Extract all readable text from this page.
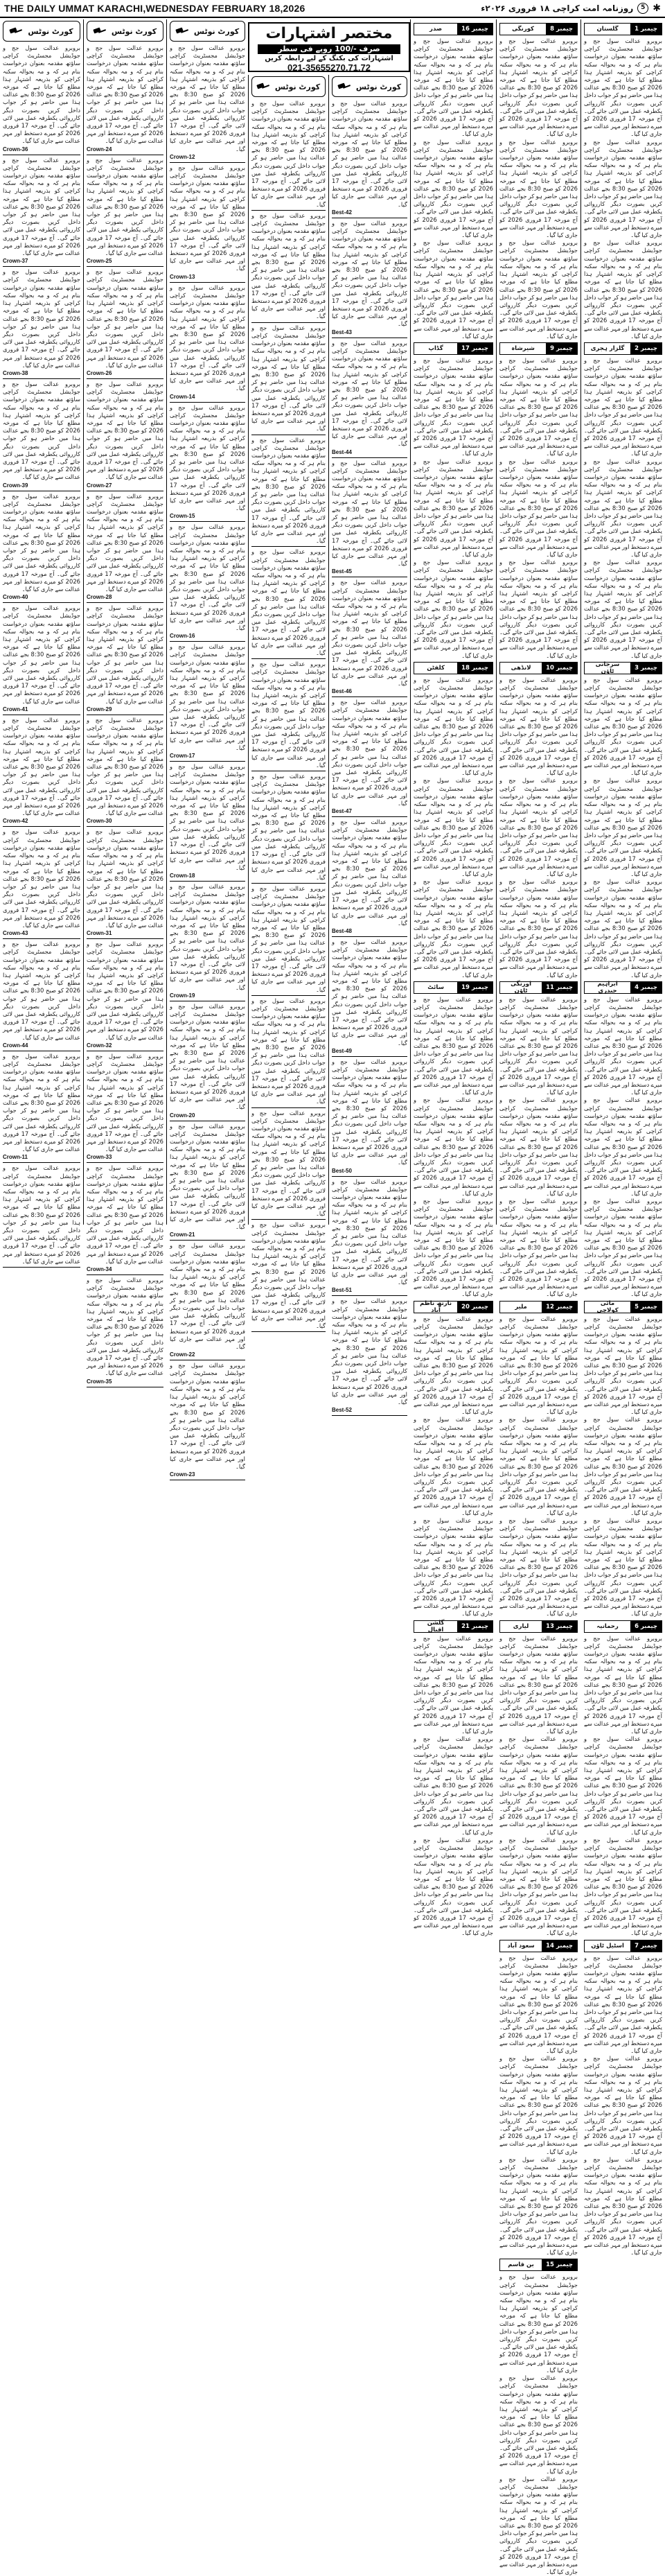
THE DAILY UMMAT KARACHI,WEDNESDAY FEBRUARY 18,2026	✱
5
روزنامہ امت کراچی ۱۸ فروری ۲۰۲۶ء
مختصر اشتہارات
صرف -/100 روپے فی سطر
اشتہارات کی بکنگ کے لیے رابطہ کریں
021-35655270,71,72
کورٹ نوٹس
بروبرو عدالت سول جج و جوڈیشل مجسٹریٹ کراچی ساؤتھ مقدمہ بعنوان درخواست بنام ہر کہ و مہ بحوالہ سکنہ کراچی کو بذریعہ اشتہار ہذا مطلع کیا جاتا ہے کہ مورخہ 2026 کو صبح 8:30 بجے عدالت ہذا میں حاضر ہو کر جواب داخل کریں بصورت دیگر کارروائی یکطرفہ عمل میں لائی جائے گی۔ آج مورخہ 17 فروری 2026 کو میرے دستخط اور مہر عدالت سے جاری کیا گیا۔
Crown-36
بروبرو عدالت سول جج و جوڈیشل مجسٹریٹ کراچی ساؤتھ مقدمہ بعنوان درخواست بنام ہر کہ و مہ بحوالہ سکنہ کراچی کو بذریعہ اشتہار ہذا مطلع کیا جاتا ہے کہ مورخہ 2026 کو صبح 8:30 بجے عدالت ہذا میں حاضر ہو کر جواب داخل کریں بصورت دیگر کارروائی یکطرفہ عمل میں لائی جائے گی۔ آج مورخہ 17 فروری 2026 کو میرے دستخط اور مہر عدالت سے جاری کیا گیا۔
Crown-37
بروبرو عدالت سول جج و جوڈیشل مجسٹریٹ کراچی ساؤتھ مقدمہ بعنوان درخواست بنام ہر کہ و مہ بحوالہ سکنہ کراچی کو بذریعہ اشتہار ہذا مطلع کیا جاتا ہے کہ مورخہ 2026 کو صبح 8:30 بجے عدالت ہذا میں حاضر ہو کر جواب داخل کریں بصورت دیگر کارروائی یکطرفہ عمل میں لائی جائے گی۔ آج مورخہ 17 فروری 2026 کو میرے دستخط اور مہر عدالت سے جاری کیا گیا۔
Crown-38
بروبرو عدالت سول جج و جوڈیشل مجسٹریٹ کراچی ساؤتھ مقدمہ بعنوان درخواست بنام ہر کہ و مہ بحوالہ سکنہ کراچی کو بذریعہ اشتہار ہذا مطلع کیا جاتا ہے کہ مورخہ 2026 کو صبح 8:30 بجے عدالت ہذا میں حاضر ہو کر جواب داخل کریں بصورت دیگر کارروائی یکطرفہ عمل میں لائی جائے گی۔ آج مورخہ 17 فروری 2026 کو میرے دستخط اور مہر عدالت سے جاری کیا گیا۔
Crown-39
بروبرو عدالت سول جج و جوڈیشل مجسٹریٹ کراچی ساؤتھ مقدمہ بعنوان درخواست بنام ہر کہ و مہ بحوالہ سکنہ کراچی کو بذریعہ اشتہار ہذا مطلع کیا جاتا ہے کہ مورخہ 2026 کو صبح 8:30 بجے عدالت ہذا میں حاضر ہو کر جواب داخل کریں بصورت دیگر کارروائی یکطرفہ عمل میں لائی جائے گی۔ آج مورخہ 17 فروری 2026 کو میرے دستخط اور مہر عدالت سے جاری کیا گیا۔
Crown-40
بروبرو عدالت سول جج و جوڈیشل مجسٹریٹ کراچی ساؤتھ مقدمہ بعنوان درخواست بنام ہر کہ و مہ بحوالہ سکنہ کراچی کو بذریعہ اشتہار ہذا مطلع کیا جاتا ہے کہ مورخہ 2026 کو صبح 8:30 بجے عدالت ہذا میں حاضر ہو کر جواب داخل کریں بصورت دیگر کارروائی یکطرفہ عمل میں لائی جائے گی۔ آج مورخہ 17 فروری 2026 کو میرے دستخط اور مہر عدالت سے جاری کیا گیا۔
Crown-41
بروبرو عدالت سول جج و جوڈیشل مجسٹریٹ کراچی ساؤتھ مقدمہ بعنوان درخواست بنام ہر کہ و مہ بحوالہ سکنہ کراچی کو بذریعہ اشتہار ہذا مطلع کیا جاتا ہے کہ مورخہ 2026 کو صبح 8:30 بجے عدالت ہذا میں حاضر ہو کر جواب داخل کریں بصورت دیگر کارروائی یکطرفہ عمل میں لائی جائے گی۔ آج مورخہ 17 فروری 2026 کو میرے دستخط اور مہر عدالت سے جاری کیا گیا۔
Crown-42
بروبرو عدالت سول جج و جوڈیشل مجسٹریٹ کراچی ساؤتھ مقدمہ بعنوان درخواست بنام ہر کہ و مہ بحوالہ سکنہ کراچی کو بذریعہ اشتہار ہذا مطلع کیا جاتا ہے کہ مورخہ 2026 کو صبح 8:30 بجے عدالت ہذا میں حاضر ہو کر جواب داخل کریں بصورت دیگر کارروائی یکطرفہ عمل میں لائی جائے گی۔ آج مورخہ 17 فروری 2026 کو میرے دستخط اور مہر عدالت سے جاری کیا گیا۔
Crown-43
بروبرو عدالت سول جج و جوڈیشل مجسٹریٹ کراچی ساؤتھ مقدمہ بعنوان درخواست بنام ہر کہ و مہ بحوالہ سکنہ کراچی کو بذریعہ اشتہار ہذا مطلع کیا جاتا ہے کہ مورخہ 2026 کو صبح 8:30 بجے عدالت ہذا میں حاضر ہو کر جواب داخل کریں بصورت دیگر کارروائی یکطرفہ عمل میں لائی جائے گی۔ آج مورخہ 17 فروری 2026 کو میرے دستخط اور مہر عدالت سے جاری کیا گیا۔
Crown-44
بروبرو عدالت سول جج و جوڈیشل مجسٹریٹ کراچی ساؤتھ مقدمہ بعنوان درخواست بنام ہر کہ و مہ بحوالہ سکنہ کراچی کو بذریعہ اشتہار ہذا مطلع کیا جاتا ہے کہ مورخہ 2026 کو صبح 8:30 بجے عدالت ہذا میں حاضر ہو کر جواب داخل کریں بصورت دیگر کارروائی یکطرفہ عمل میں لائی جائے گی۔ آج مورخہ 17 فروری 2026 کو میرے دستخط اور مہر عدالت سے جاری کیا گیا۔
Crown-11
بروبرو عدالت سول جج و جوڈیشل مجسٹریٹ کراچی ساؤتھ مقدمہ بعنوان درخواست بنام ہر کہ و مہ بحوالہ سکنہ کراچی کو بذریعہ اشتہار ہذا مطلع کیا جاتا ہے کہ مورخہ 2026 کو صبح 8:30 بجے عدالت ہذا میں حاضر ہو کر جواب داخل کریں بصورت دیگر کارروائی یکطرفہ عمل میں لائی جائے گی۔ آج مورخہ 17 فروری 2026 کو میرے دستخط اور مہر عدالت سے جاری کیا گیا۔
کورٹ نوٹس
بروبرو عدالت سول جج و جوڈیشل مجسٹریٹ کراچی ساؤتھ مقدمہ بعنوان درخواست بنام ہر کہ و مہ بحوالہ سکنہ کراچی کو بذریعہ اشتہار ہذا مطلع کیا جاتا ہے کہ مورخہ 2026 کو صبح 8:30 بجے عدالت ہذا میں حاضر ہو کر جواب داخل کریں بصورت دیگر کارروائی یکطرفہ عمل میں لائی جائے گی۔ آج مورخہ 17 فروری 2026 کو میرے دستخط اور مہر عدالت سے جاری کیا گیا۔
Crown-24
بروبرو عدالت سول جج و جوڈیشل مجسٹریٹ کراچی ساؤتھ مقدمہ بعنوان درخواست بنام ہر کہ و مہ بحوالہ سکنہ کراچی کو بذریعہ اشتہار ہذا مطلع کیا جاتا ہے کہ مورخہ 2026 کو صبح 8:30 بجے عدالت ہذا میں حاضر ہو کر جواب داخل کریں بصورت دیگر کارروائی یکطرفہ عمل میں لائی جائے گی۔ آج مورخہ 17 فروری 2026 کو میرے دستخط اور مہر عدالت سے جاری کیا گیا۔
Crown-25
بروبرو عدالت سول جج و جوڈیشل مجسٹریٹ کراچی ساؤتھ مقدمہ بعنوان درخواست بنام ہر کہ و مہ بحوالہ سکنہ کراچی کو بذریعہ اشتہار ہذا مطلع کیا جاتا ہے کہ مورخہ 2026 کو صبح 8:30 بجے عدالت ہذا میں حاضر ہو کر جواب داخل کریں بصورت دیگر کارروائی یکطرفہ عمل میں لائی جائے گی۔ آج مورخہ 17 فروری 2026 کو میرے دستخط اور مہر عدالت سے جاری کیا گیا۔
Crown-26
بروبرو عدالت سول جج و جوڈیشل مجسٹریٹ کراچی ساؤتھ مقدمہ بعنوان درخواست بنام ہر کہ و مہ بحوالہ سکنہ کراچی کو بذریعہ اشتہار ہذا مطلع کیا جاتا ہے کہ مورخہ 2026 کو صبح 8:30 بجے عدالت ہذا میں حاضر ہو کر جواب داخل کریں بصورت دیگر کارروائی یکطرفہ عمل میں لائی جائے گی۔ آج مورخہ 17 فروری 2026 کو میرے دستخط اور مہر عدالت سے جاری کیا گیا۔
Crown-27
بروبرو عدالت سول جج و جوڈیشل مجسٹریٹ کراچی ساؤتھ مقدمہ بعنوان درخواست بنام ہر کہ و مہ بحوالہ سکنہ کراچی کو بذریعہ اشتہار ہذا مطلع کیا جاتا ہے کہ مورخہ 2026 کو صبح 8:30 بجے عدالت ہذا میں حاضر ہو کر جواب داخل کریں بصورت دیگر کارروائی یکطرفہ عمل میں لائی جائے گی۔ آج مورخہ 17 فروری 2026 کو میرے دستخط اور مہر عدالت سے جاری کیا گیا۔
Crown-28
بروبرو عدالت سول جج و جوڈیشل مجسٹریٹ کراچی ساؤتھ مقدمہ بعنوان درخواست بنام ہر کہ و مہ بحوالہ سکنہ کراچی کو بذریعہ اشتہار ہذا مطلع کیا جاتا ہے کہ مورخہ 2026 کو صبح 8:30 بجے عدالت ہذا میں حاضر ہو کر جواب داخل کریں بصورت دیگر کارروائی یکطرفہ عمل میں لائی جائے گی۔ آج مورخہ 17 فروری 2026 کو میرے دستخط اور مہر عدالت سے جاری کیا گیا۔
Crown-29
بروبرو عدالت سول جج و جوڈیشل مجسٹریٹ کراچی ساؤتھ مقدمہ بعنوان درخواست بنام ہر کہ و مہ بحوالہ سکنہ کراچی کو بذریعہ اشتہار ہذا مطلع کیا جاتا ہے کہ مورخہ 2026 کو صبح 8:30 بجے عدالت ہذا میں حاضر ہو کر جواب داخل کریں بصورت دیگر کارروائی یکطرفہ عمل میں لائی جائے گی۔ آج مورخہ 17 فروری 2026 کو میرے دستخط اور مہر عدالت سے جاری کیا گیا۔
Crown-30
بروبرو عدالت سول جج و جوڈیشل مجسٹریٹ کراچی ساؤتھ مقدمہ بعنوان درخواست بنام ہر کہ و مہ بحوالہ سکنہ کراچی کو بذریعہ اشتہار ہذا مطلع کیا جاتا ہے کہ مورخہ 2026 کو صبح 8:30 بجے عدالت ہذا میں حاضر ہو کر جواب داخل کریں بصورت دیگر کارروائی یکطرفہ عمل میں لائی جائے گی۔ آج مورخہ 17 فروری 2026 کو میرے دستخط اور مہر عدالت سے جاری کیا گیا۔
Crown-31
بروبرو عدالت سول جج و جوڈیشل مجسٹریٹ کراچی ساؤتھ مقدمہ بعنوان درخواست بنام ہر کہ و مہ بحوالہ سکنہ کراچی کو بذریعہ اشتہار ہذا مطلع کیا جاتا ہے کہ مورخہ 2026 کو صبح 8:30 بجے عدالت ہذا میں حاضر ہو کر جواب داخل کریں بصورت دیگر کارروائی یکطرفہ عمل میں لائی جائے گی۔ آج مورخہ 17 فروری 2026 کو میرے دستخط اور مہر عدالت سے جاری کیا گیا۔
Crown-32
بروبرو عدالت سول جج و جوڈیشل مجسٹریٹ کراچی ساؤتھ مقدمہ بعنوان درخواست بنام ہر کہ و مہ بحوالہ سکنہ کراچی کو بذریعہ اشتہار ہذا مطلع کیا جاتا ہے کہ مورخہ 2026 کو صبح 8:30 بجے عدالت ہذا میں حاضر ہو کر جواب داخل کریں بصورت دیگر کارروائی یکطرفہ عمل میں لائی جائے گی۔ آج مورخہ 17 فروری 2026 کو میرے دستخط اور مہر عدالت سے جاری کیا گیا۔
Crown-33
بروبرو عدالت سول جج و جوڈیشل مجسٹریٹ کراچی ساؤتھ مقدمہ بعنوان درخواست بنام ہر کہ و مہ بحوالہ سکنہ کراچی کو بذریعہ اشتہار ہذا مطلع کیا جاتا ہے کہ مورخہ 2026 کو صبح 8:30 بجے عدالت ہذا میں حاضر ہو کر جواب داخل کریں بصورت دیگر کارروائی یکطرفہ عمل میں لائی جائے گی۔ آج مورخہ 17 فروری 2026 کو میرے دستخط اور مہر عدالت سے جاری کیا گیا۔
Crown-34
بروبرو عدالت سول جج و جوڈیشل مجسٹریٹ کراچی ساؤتھ مقدمہ بعنوان درخواست بنام ہر کہ و مہ بحوالہ سکنہ کراچی کو بذریعہ اشتہار ہذا مطلع کیا جاتا ہے کہ مورخہ 2026 کو صبح 8:30 بجے عدالت ہذا میں حاضر ہو کر جواب داخل کریں بصورت دیگر کارروائی یکطرفہ عمل میں لائی جائے گی۔ آج مورخہ 17 فروری 2026 کو میرے دستخط اور مہر عدالت سے جاری کیا گیا۔
Crown-35
کورٹ نوٹس
بروبرو عدالت سول جج و جوڈیشل مجسٹریٹ کراچی ساؤتھ مقدمہ بعنوان درخواست بنام ہر کہ و مہ بحوالہ سکنہ کراچی کو بذریعہ اشتہار ہذا مطلع کیا جاتا ہے کہ مورخہ 2026 کو صبح 8:30 بجے عدالت ہذا میں حاضر ہو کر جواب داخل کریں بصورت دیگر کارروائی یکطرفہ عمل میں لائی جائے گی۔ آج مورخہ 17 فروری 2026 کو میرے دستخط اور مہر عدالت سے جاری کیا گیا۔
Crown-12
بروبرو عدالت سول جج و جوڈیشل مجسٹریٹ کراچی ساؤتھ مقدمہ بعنوان درخواست بنام ہر کہ و مہ بحوالہ سکنہ کراچی کو بذریعہ اشتہار ہذا مطلع کیا جاتا ہے کہ مورخہ 2026 کو صبح 8:30 بجے عدالت ہذا میں حاضر ہو کر جواب داخل کریں بصورت دیگر کارروائی یکطرفہ عمل میں لائی جائے گی۔ آج مورخہ 17 فروری 2026 کو میرے دستخط اور مہر عدالت سے جاری کیا گیا۔
Crown-13
بروبرو عدالت سول جج و جوڈیشل مجسٹریٹ کراچی ساؤتھ مقدمہ بعنوان درخواست بنام ہر کہ و مہ بحوالہ سکنہ کراچی کو بذریعہ اشتہار ہذا مطلع کیا جاتا ہے کہ مورخہ 2026 کو صبح 8:30 بجے عدالت ہذا میں حاضر ہو کر جواب داخل کریں بصورت دیگر کارروائی یکطرفہ عمل میں لائی جائے گی۔ آج مورخہ 17 فروری 2026 کو میرے دستخط اور مہر عدالت سے جاری کیا گیا۔
Crown-14
بروبرو عدالت سول جج و جوڈیشل مجسٹریٹ کراچی ساؤتھ مقدمہ بعنوان درخواست بنام ہر کہ و مہ بحوالہ سکنہ کراچی کو بذریعہ اشتہار ہذا مطلع کیا جاتا ہے کہ مورخہ 2026 کو صبح 8:30 بجے عدالت ہذا میں حاضر ہو کر جواب داخل کریں بصورت دیگر کارروائی یکطرفہ عمل میں لائی جائے گی۔ آج مورخہ 17 فروری 2026 کو میرے دستخط اور مہر عدالت سے جاری کیا گیا۔
Crown-15
بروبرو عدالت سول جج و جوڈیشل مجسٹریٹ کراچی ساؤتھ مقدمہ بعنوان درخواست بنام ہر کہ و مہ بحوالہ سکنہ کراچی کو بذریعہ اشتہار ہذا مطلع کیا جاتا ہے کہ مورخہ 2026 کو صبح 8:30 بجے عدالت ہذا میں حاضر ہو کر جواب داخل کریں بصورت دیگر کارروائی یکطرفہ عمل میں لائی جائے گی۔ آج مورخہ 17 فروری 2026 کو میرے دستخط اور مہر عدالت سے جاری کیا گیا۔
Crown-16
بروبرو عدالت سول جج و جوڈیشل مجسٹریٹ کراچی ساؤتھ مقدمہ بعنوان درخواست بنام ہر کہ و مہ بحوالہ سکنہ کراچی کو بذریعہ اشتہار ہذا مطلع کیا جاتا ہے کہ مورخہ 2026 کو صبح 8:30 بجے عدالت ہذا میں حاضر ہو کر جواب داخل کریں بصورت دیگر کارروائی یکطرفہ عمل میں لائی جائے گی۔ آج مورخہ 17 فروری 2026 کو میرے دستخط اور مہر عدالت سے جاری کیا گیا۔
Crown-17
بروبرو عدالت سول جج و جوڈیشل مجسٹریٹ کراچی ساؤتھ مقدمہ بعنوان درخواست بنام ہر کہ و مہ بحوالہ سکنہ کراچی کو بذریعہ اشتہار ہذا مطلع کیا جاتا ہے کہ مورخہ 2026 کو صبح 8:30 بجے عدالت ہذا میں حاضر ہو کر جواب داخل کریں بصورت دیگر کارروائی یکطرفہ عمل میں لائی جائے گی۔ آج مورخہ 17 فروری 2026 کو میرے دستخط اور مہر عدالت سے جاری کیا گیا۔
Crown-18
بروبرو عدالت سول جج و جوڈیشل مجسٹریٹ کراچی ساؤتھ مقدمہ بعنوان درخواست بنام ہر کہ و مہ بحوالہ سکنہ کراچی کو بذریعہ اشتہار ہذا مطلع کیا جاتا ہے کہ مورخہ 2026 کو صبح 8:30 بجے عدالت ہذا میں حاضر ہو کر جواب داخل کریں بصورت دیگر کارروائی یکطرفہ عمل میں لائی جائے گی۔ آج مورخہ 17 فروری 2026 کو میرے دستخط اور مہر عدالت سے جاری کیا گیا۔
Crown-19
بروبرو عدالت سول جج و جوڈیشل مجسٹریٹ کراچی ساؤتھ مقدمہ بعنوان درخواست بنام ہر کہ و مہ بحوالہ سکنہ کراچی کو بذریعہ اشتہار ہذا مطلع کیا جاتا ہے کہ مورخہ 2026 کو صبح 8:30 بجے عدالت ہذا میں حاضر ہو کر جواب داخل کریں بصورت دیگر کارروائی یکطرفہ عمل میں لائی جائے گی۔ آج مورخہ 17 فروری 2026 کو میرے دستخط اور مہر عدالت سے جاری کیا گیا۔
Crown-20
بروبرو عدالت سول جج و جوڈیشل مجسٹریٹ کراچی ساؤتھ مقدمہ بعنوان درخواست بنام ہر کہ و مہ بحوالہ سکنہ کراچی کو بذریعہ اشتہار ہذا مطلع کیا جاتا ہے کہ مورخہ 2026 کو صبح 8:30 بجے عدالت ہذا میں حاضر ہو کر جواب داخل کریں بصورت دیگر کارروائی یکطرفہ عمل میں لائی جائے گی۔ آج مورخہ 17 فروری 2026 کو میرے دستخط اور مہر عدالت سے جاری کیا گیا۔
Crown-21
بروبرو عدالت سول جج و جوڈیشل مجسٹریٹ کراچی ساؤتھ مقدمہ بعنوان درخواست بنام ہر کہ و مہ بحوالہ سکنہ کراچی کو بذریعہ اشتہار ہذا مطلع کیا جاتا ہے کہ مورخہ 2026 کو صبح 8:30 بجے عدالت ہذا میں حاضر ہو کر جواب داخل کریں بصورت دیگر کارروائی یکطرفہ عمل میں لائی جائے گی۔ آج مورخہ 17 فروری 2026 کو میرے دستخط اور مہر عدالت سے جاری کیا گیا۔
Crown-22
بروبرو عدالت سول جج و جوڈیشل مجسٹریٹ کراچی ساؤتھ مقدمہ بعنوان درخواست بنام ہر کہ و مہ بحوالہ سکنہ کراچی کو بذریعہ اشتہار ہذا مطلع کیا جاتا ہے کہ مورخہ 2026 کو صبح 8:30 بجے عدالت ہذا میں حاضر ہو کر جواب داخل کریں بصورت دیگر کارروائی یکطرفہ عمل میں لائی جائے گی۔ آج مورخہ 17 فروری 2026 کو میرے دستخط اور مہر عدالت سے جاری کیا گیا۔
Crown-23
کورٹ نوٹس
بروبرو عدالت سول جج و جوڈیشل مجسٹریٹ کراچی ساؤتھ مقدمہ بعنوان درخواست بنام ہر کہ و مہ بحوالہ سکنہ کراچی کو بذریعہ اشتہار ہذا مطلع کیا جاتا ہے کہ مورخہ 2026 کو صبح 8:30 بجے عدالت ہذا میں حاضر ہو کر جواب داخل کریں بصورت دیگر کارروائی یکطرفہ عمل میں لائی جائے گی۔ آج مورخہ 17 فروری 2026 کو میرے دستخط اور مہر عدالت سے جاری کیا گیا۔
بروبرو عدالت سول جج و جوڈیشل مجسٹریٹ کراچی ساؤتھ مقدمہ بعنوان درخواست بنام ہر کہ و مہ بحوالہ سکنہ کراچی کو بذریعہ اشتہار ہذا مطلع کیا جاتا ہے کہ مورخہ 2026 کو صبح 8:30 بجے عدالت ہذا میں حاضر ہو کر جواب داخل کریں بصورت دیگر کارروائی یکطرفہ عمل میں لائی جائے گی۔ آج مورخہ 17 فروری 2026 کو میرے دستخط اور مہر عدالت سے جاری کیا گیا۔
بروبرو عدالت سول جج و جوڈیشل مجسٹریٹ کراچی ساؤتھ مقدمہ بعنوان درخواست بنام ہر کہ و مہ بحوالہ سکنہ کراچی کو بذریعہ اشتہار ہذا مطلع کیا جاتا ہے کہ مورخہ 2026 کو صبح 8:30 بجے عدالت ہذا میں حاضر ہو کر جواب داخل کریں بصورت دیگر کارروائی یکطرفہ عمل میں لائی جائے گی۔ آج مورخہ 17 فروری 2026 کو میرے دستخط اور مہر عدالت سے جاری کیا گیا۔
بروبرو عدالت سول جج و جوڈیشل مجسٹریٹ کراچی ساؤتھ مقدمہ بعنوان درخواست بنام ہر کہ و مہ بحوالہ سکنہ کراچی کو بذریعہ اشتہار ہذا مطلع کیا جاتا ہے کہ مورخہ 2026 کو صبح 8:30 بجے عدالت ہذا میں حاضر ہو کر جواب داخل کریں بصورت دیگر کارروائی یکطرفہ عمل میں لائی جائے گی۔ آج مورخہ 17 فروری 2026 کو میرے دستخط اور مہر عدالت سے جاری کیا گیا۔
بروبرو عدالت سول جج و جوڈیشل مجسٹریٹ کراچی ساؤتھ مقدمہ بعنوان درخواست بنام ہر کہ و مہ بحوالہ سکنہ کراچی کو بذریعہ اشتہار ہذا مطلع کیا جاتا ہے کہ مورخہ 2026 کو صبح 8:30 بجے عدالت ہذا میں حاضر ہو کر جواب داخل کریں بصورت دیگر کارروائی یکطرفہ عمل میں لائی جائے گی۔ آج مورخہ 17 فروری 2026 کو میرے دستخط اور مہر عدالت سے جاری کیا گیا۔
بروبرو عدالت سول جج و جوڈیشل مجسٹریٹ کراچی ساؤتھ مقدمہ بعنوان درخواست بنام ہر کہ و مہ بحوالہ سکنہ کراچی کو بذریعہ اشتہار ہذا مطلع کیا جاتا ہے کہ مورخہ 2026 کو صبح 8:30 بجے عدالت ہذا میں حاضر ہو کر جواب داخل کریں بصورت دیگر کارروائی یکطرفہ عمل میں لائی جائے گی۔ آج مورخہ 17 فروری 2026 کو میرے دستخط اور مہر عدالت سے جاری کیا گیا۔
بروبرو عدالت سول جج و جوڈیشل مجسٹریٹ کراچی ساؤتھ مقدمہ بعنوان درخواست بنام ہر کہ و مہ بحوالہ سکنہ کراچی کو بذریعہ اشتہار ہذا مطلع کیا جاتا ہے کہ مورخہ 2026 کو صبح 8:30 بجے عدالت ہذا میں حاضر ہو کر جواب داخل کریں بصورت دیگر کارروائی یکطرفہ عمل میں لائی جائے گی۔ آج مورخہ 17 فروری 2026 کو میرے دستخط اور مہر عدالت سے جاری کیا گیا۔
بروبرو عدالت سول جج و جوڈیشل مجسٹریٹ کراچی ساؤتھ مقدمہ بعنوان درخواست بنام ہر کہ و مہ بحوالہ سکنہ کراچی کو بذریعہ اشتہار ہذا مطلع کیا جاتا ہے کہ مورخہ 2026 کو صبح 8:30 بجے عدالت ہذا میں حاضر ہو کر جواب داخل کریں بصورت دیگر کارروائی یکطرفہ عمل میں لائی جائے گی۔ آج مورخہ 17 فروری 2026 کو میرے دستخط اور مہر عدالت سے جاری کیا گیا۔
بروبرو عدالت سول جج و جوڈیشل مجسٹریٹ کراچی ساؤتھ مقدمہ بعنوان درخواست بنام ہر کہ و مہ بحوالہ سکنہ کراچی کو بذریعہ اشتہار ہذا مطلع کیا جاتا ہے کہ مورخہ 2026 کو صبح 8:30 بجے عدالت ہذا میں حاضر ہو کر جواب داخل کریں بصورت دیگر کارروائی یکطرفہ عمل میں لائی جائے گی۔ آج مورخہ 17 فروری 2026 کو میرے دستخط اور مہر عدالت سے جاری کیا گیا۔
بروبرو عدالت سول جج و جوڈیشل مجسٹریٹ کراچی ساؤتھ مقدمہ بعنوان درخواست بنام ہر کہ و مہ بحوالہ سکنہ کراچی کو بذریعہ اشتہار ہذا مطلع کیا جاتا ہے کہ مورخہ 2026 کو صبح 8:30 بجے عدالت ہذا میں حاضر ہو کر جواب داخل کریں بصورت دیگر کارروائی یکطرفہ عمل میں لائی جائے گی۔ آج مورخہ 17 فروری 2026 کو میرے دستخط اور مہر عدالت سے جاری کیا گیا۔
بروبرو عدالت سول جج و جوڈیشل مجسٹریٹ کراچی ساؤتھ مقدمہ بعنوان درخواست بنام ہر کہ و مہ بحوالہ سکنہ کراچی کو بذریعہ اشتہار ہذا مطلع کیا جاتا ہے کہ مورخہ 2026 کو صبح 8:30 بجے عدالت ہذا میں حاضر ہو کر جواب داخل کریں بصورت دیگر کارروائی یکطرفہ عمل میں لائی جائے گی۔ آج مورخہ 17 فروری 2026 کو میرے دستخط اور مہر عدالت سے جاری کیا گیا۔
کورٹ نوٹس
بروبرو عدالت سول جج و جوڈیشل مجسٹریٹ کراچی ساؤتھ مقدمہ بعنوان درخواست بنام ہر کہ و مہ بحوالہ سکنہ کراچی کو بذریعہ اشتہار ہذا مطلع کیا جاتا ہے کہ مورخہ 2026 کو صبح 8:30 بجے عدالت ہذا میں حاضر ہو کر جواب داخل کریں بصورت دیگر کارروائی یکطرفہ عمل میں لائی جائے گی۔ آج مورخہ 17 فروری 2026 کو میرے دستخط اور مہر عدالت سے جاری کیا گیا۔
Best-42
بروبرو عدالت سول جج و جوڈیشل مجسٹریٹ کراچی ساؤتھ مقدمہ بعنوان درخواست بنام ہر کہ و مہ بحوالہ سکنہ کراچی کو بذریعہ اشتہار ہذا مطلع کیا جاتا ہے کہ مورخہ 2026 کو صبح 8:30 بجے عدالت ہذا میں حاضر ہو کر جواب داخل کریں بصورت دیگر کارروائی یکطرفہ عمل میں لائی جائے گی۔ آج مورخہ 17 فروری 2026 کو میرے دستخط اور مہر عدالت سے جاری کیا گیا۔
Best-43
بروبرو عدالت سول جج و جوڈیشل مجسٹریٹ کراچی ساؤتھ مقدمہ بعنوان درخواست بنام ہر کہ و مہ بحوالہ سکنہ کراچی کو بذریعہ اشتہار ہذا مطلع کیا جاتا ہے کہ مورخہ 2026 کو صبح 8:30 بجے عدالت ہذا میں حاضر ہو کر جواب داخل کریں بصورت دیگر کارروائی یکطرفہ عمل میں لائی جائے گی۔ آج مورخہ 17 فروری 2026 کو میرے دستخط اور مہر عدالت سے جاری کیا گیا۔
Best-44
بروبرو عدالت سول جج و جوڈیشل مجسٹریٹ کراچی ساؤتھ مقدمہ بعنوان درخواست بنام ہر کہ و مہ بحوالہ سکنہ کراچی کو بذریعہ اشتہار ہذا مطلع کیا جاتا ہے کہ مورخہ 2026 کو صبح 8:30 بجے عدالت ہذا میں حاضر ہو کر جواب داخل کریں بصورت دیگر کارروائی یکطرفہ عمل میں لائی جائے گی۔ آج مورخہ 17 فروری 2026 کو میرے دستخط اور مہر عدالت سے جاری کیا گیا۔
Best-45
بروبرو عدالت سول جج و جوڈیشل مجسٹریٹ کراچی ساؤتھ مقدمہ بعنوان درخواست بنام ہر کہ و مہ بحوالہ سکنہ کراچی کو بذریعہ اشتہار ہذا مطلع کیا جاتا ہے کہ مورخہ 2026 کو صبح 8:30 بجے عدالت ہذا میں حاضر ہو کر جواب داخل کریں بصورت دیگر کارروائی یکطرفہ عمل میں لائی جائے گی۔ آج مورخہ 17 فروری 2026 کو میرے دستخط اور مہر عدالت سے جاری کیا گیا۔
Best-46
بروبرو عدالت سول جج و جوڈیشل مجسٹریٹ کراچی ساؤتھ مقدمہ بعنوان درخواست بنام ہر کہ و مہ بحوالہ سکنہ کراچی کو بذریعہ اشتہار ہذا مطلع کیا جاتا ہے کہ مورخہ 2026 کو صبح 8:30 بجے عدالت ہذا میں حاضر ہو کر جواب داخل کریں بصورت دیگر کارروائی یکطرفہ عمل میں لائی جائے گی۔ آج مورخہ 17 فروری 2026 کو میرے دستخط اور مہر عدالت سے جاری کیا گیا۔
Best-47
بروبرو عدالت سول جج و جوڈیشل مجسٹریٹ کراچی ساؤتھ مقدمہ بعنوان درخواست بنام ہر کہ و مہ بحوالہ سکنہ کراچی کو بذریعہ اشتہار ہذا مطلع کیا جاتا ہے کہ مورخہ 2026 کو صبح 8:30 بجے عدالت ہذا میں حاضر ہو کر جواب داخل کریں بصورت دیگر کارروائی یکطرفہ عمل میں لائی جائے گی۔ آج مورخہ 17 فروری 2026 کو میرے دستخط اور مہر عدالت سے جاری کیا گیا۔
Best-48
بروبرو عدالت سول جج و جوڈیشل مجسٹریٹ کراچی ساؤتھ مقدمہ بعنوان درخواست بنام ہر کہ و مہ بحوالہ سکنہ کراچی کو بذریعہ اشتہار ہذا مطلع کیا جاتا ہے کہ مورخہ 2026 کو صبح 8:30 بجے عدالت ہذا میں حاضر ہو کر جواب داخل کریں بصورت دیگر کارروائی یکطرفہ عمل میں لائی جائے گی۔ آج مورخہ 17 فروری 2026 کو میرے دستخط اور مہر عدالت سے جاری کیا گیا۔
Best-49
بروبرو عدالت سول جج و جوڈیشل مجسٹریٹ کراچی ساؤتھ مقدمہ بعنوان درخواست بنام ہر کہ و مہ بحوالہ سکنہ کراچی کو بذریعہ اشتہار ہذا مطلع کیا جاتا ہے کہ مورخہ 2026 کو صبح 8:30 بجے عدالت ہذا میں حاضر ہو کر جواب داخل کریں بصورت دیگر کارروائی یکطرفہ عمل میں لائی جائے گی۔ آج مورخہ 17 فروری 2026 کو میرے دستخط اور مہر عدالت سے جاری کیا گیا۔
Best-50
بروبرو عدالت سول جج و جوڈیشل مجسٹریٹ کراچی ساؤتھ مقدمہ بعنوان درخواست بنام ہر کہ و مہ بحوالہ سکنہ کراچی کو بذریعہ اشتہار ہذا مطلع کیا جاتا ہے کہ مورخہ 2026 کو صبح 8:30 بجے عدالت ہذا میں حاضر ہو کر جواب داخل کریں بصورت دیگر کارروائی یکطرفہ عمل میں لائی جائے گی۔ آج مورخہ 17 فروری 2026 کو میرے دستخط اور مہر عدالت سے جاری کیا گیا۔
Best-51
بروبرو عدالت سول جج و جوڈیشل مجسٹریٹ کراچی ساؤتھ مقدمہ بعنوان درخواست بنام ہر کہ و مہ بحوالہ سکنہ کراچی کو بذریعہ اشتہار ہذا مطلع کیا جاتا ہے کہ مورخہ 2026 کو صبح 8:30 بجے عدالت ہذا میں حاضر ہو کر جواب داخل کریں بصورت دیگر کارروائی یکطرفہ عمل میں لائی جائے گی۔ آج مورخہ 17 فروری 2026 کو میرے دستخط اور مہر عدالت سے جاری کیا گیا۔
Best-52
چیمبر 16
صدر
بروبرو عدالت سول جج و جوڈیشل مجسٹریٹ کراچی ساؤتھ مقدمہ بعنوان درخواست بنام ہر کہ و مہ بحوالہ سکنہ کراچی کو بذریعہ اشتہار ہذا مطلع کیا جاتا ہے کہ مورخہ 2026 کو صبح 8:30 بجے عدالت ہذا میں حاضر ہو کر جواب داخل کریں بصورت دیگر کارروائی یکطرفہ عمل میں لائی جائے گی۔ آج مورخہ 17 فروری 2026 کو میرے دستخط اور مہر عدالت سے جاری کیا گیا۔
بروبرو عدالت سول جج و جوڈیشل مجسٹریٹ کراچی ساؤتھ مقدمہ بعنوان درخواست بنام ہر کہ و مہ بحوالہ سکنہ کراچی کو بذریعہ اشتہار ہذا مطلع کیا جاتا ہے کہ مورخہ 2026 کو صبح 8:30 بجے عدالت ہذا میں حاضر ہو کر جواب داخل کریں بصورت دیگر کارروائی یکطرفہ عمل میں لائی جائے گی۔ آج مورخہ 17 فروری 2026 کو میرے دستخط اور مہر عدالت سے جاری کیا گیا۔
بروبرو عدالت سول جج و جوڈیشل مجسٹریٹ کراچی ساؤتھ مقدمہ بعنوان درخواست بنام ہر کہ و مہ بحوالہ سکنہ کراچی کو بذریعہ اشتہار ہذا مطلع کیا جاتا ہے کہ مورخہ 2026 کو صبح 8:30 بجے عدالت ہذا میں حاضر ہو کر جواب داخل کریں بصورت دیگر کارروائی یکطرفہ عمل میں لائی جائے گی۔ آج مورخہ 17 فروری 2026 کو میرے دستخط اور مہر عدالت سے جاری کیا گیا۔
چیمبر 17
گڈاپ
بروبرو عدالت سول جج و جوڈیشل مجسٹریٹ کراچی ساؤتھ مقدمہ بعنوان درخواست بنام ہر کہ و مہ بحوالہ سکنہ کراچی کو بذریعہ اشتہار ہذا مطلع کیا جاتا ہے کہ مورخہ 2026 کو صبح 8:30 بجے عدالت ہذا میں حاضر ہو کر جواب داخل کریں بصورت دیگر کارروائی یکطرفہ عمل میں لائی جائے گی۔ آج مورخہ 17 فروری 2026 کو میرے دستخط اور مہر عدالت سے جاری کیا گیا۔
بروبرو عدالت سول جج و جوڈیشل مجسٹریٹ کراچی ساؤتھ مقدمہ بعنوان درخواست بنام ہر کہ و مہ بحوالہ سکنہ کراچی کو بذریعہ اشتہار ہذا مطلع کیا جاتا ہے کہ مورخہ 2026 کو صبح 8:30 بجے عدالت ہذا میں حاضر ہو کر جواب داخل کریں بصورت دیگر کارروائی یکطرفہ عمل میں لائی جائے گی۔ آج مورخہ 17 فروری 2026 کو میرے دستخط اور مہر عدالت سے جاری کیا گیا۔
بروبرو عدالت سول جج و جوڈیشل مجسٹریٹ کراچی ساؤتھ مقدمہ بعنوان درخواست بنام ہر کہ و مہ بحوالہ سکنہ کراچی کو بذریعہ اشتہار ہذا مطلع کیا جاتا ہے کہ مورخہ 2026 کو صبح 8:30 بجے عدالت ہذا میں حاضر ہو کر جواب داخل کریں بصورت دیگر کارروائی یکطرفہ عمل میں لائی جائے گی۔ آج مورخہ 17 فروری 2026 کو میرے دستخط اور مہر عدالت سے جاری کیا گیا۔
چیمبر 18
کلفٹن
بروبرو عدالت سول جج و جوڈیشل مجسٹریٹ کراچی ساؤتھ مقدمہ بعنوان درخواست بنام ہر کہ و مہ بحوالہ سکنہ کراچی کو بذریعہ اشتہار ہذا مطلع کیا جاتا ہے کہ مورخہ 2026 کو صبح 8:30 بجے عدالت ہذا میں حاضر ہو کر جواب داخل کریں بصورت دیگر کارروائی یکطرفہ عمل میں لائی جائے گی۔ آج مورخہ 17 فروری 2026 کو میرے دستخط اور مہر عدالت سے جاری کیا گیا۔
بروبرو عدالت سول جج و جوڈیشل مجسٹریٹ کراچی ساؤتھ مقدمہ بعنوان درخواست بنام ہر کہ و مہ بحوالہ سکنہ کراچی کو بذریعہ اشتہار ہذا مطلع کیا جاتا ہے کہ مورخہ 2026 کو صبح 8:30 بجے عدالت ہذا میں حاضر ہو کر جواب داخل کریں بصورت دیگر کارروائی یکطرفہ عمل میں لائی جائے گی۔ آج مورخہ 17 فروری 2026 کو میرے دستخط اور مہر عدالت سے جاری کیا گیا۔
بروبرو عدالت سول جج و جوڈیشل مجسٹریٹ کراچی ساؤتھ مقدمہ بعنوان درخواست بنام ہر کہ و مہ بحوالہ سکنہ کراچی کو بذریعہ اشتہار ہذا مطلع کیا جاتا ہے کہ مورخہ 2026 کو صبح 8:30 بجے عدالت ہذا میں حاضر ہو کر جواب داخل کریں بصورت دیگر کارروائی یکطرفہ عمل میں لائی جائے گی۔ آج مورخہ 17 فروری 2026 کو میرے دستخط اور مہر عدالت سے جاری کیا گیا۔
چیمبر 19
سائٹ
بروبرو عدالت سول جج و جوڈیشل مجسٹریٹ کراچی ساؤتھ مقدمہ بعنوان درخواست بنام ہر کہ و مہ بحوالہ سکنہ کراچی کو بذریعہ اشتہار ہذا مطلع کیا جاتا ہے کہ مورخہ 2026 کو صبح 8:30 بجے عدالت ہذا میں حاضر ہو کر جواب داخل کریں بصورت دیگر کارروائی یکطرفہ عمل میں لائی جائے گی۔ آج مورخہ 17 فروری 2026 کو میرے دستخط اور مہر عدالت سے جاری کیا گیا۔
بروبرو عدالت سول جج و جوڈیشل مجسٹریٹ کراچی ساؤتھ مقدمہ بعنوان درخواست بنام ہر کہ و مہ بحوالہ سکنہ کراچی کو بذریعہ اشتہار ہذا مطلع کیا جاتا ہے کہ مورخہ 2026 کو صبح 8:30 بجے عدالت ہذا میں حاضر ہو کر جواب داخل کریں بصورت دیگر کارروائی یکطرفہ عمل میں لائی جائے گی۔ آج مورخہ 17 فروری 2026 کو میرے دستخط اور مہر عدالت سے جاری کیا گیا۔
بروبرو عدالت سول جج و جوڈیشل مجسٹریٹ کراچی ساؤتھ مقدمہ بعنوان درخواست بنام ہر کہ و مہ بحوالہ سکنہ کراچی کو بذریعہ اشتہار ہذا مطلع کیا جاتا ہے کہ مورخہ 2026 کو صبح 8:30 بجے عدالت ہذا میں حاضر ہو کر جواب داخل کریں بصورت دیگر کارروائی یکطرفہ عمل میں لائی جائے گی۔ آج مورخہ 17 فروری 2026 کو میرے دستخط اور مہر عدالت سے جاری کیا گیا۔
چیمبر 20
نارتھ ناظم آباد
بروبرو عدالت سول جج و جوڈیشل مجسٹریٹ کراچی ساؤتھ مقدمہ بعنوان درخواست بنام ہر کہ و مہ بحوالہ سکنہ کراچی کو بذریعہ اشتہار ہذا مطلع کیا جاتا ہے کہ مورخہ 2026 کو صبح 8:30 بجے عدالت ہذا میں حاضر ہو کر جواب داخل کریں بصورت دیگر کارروائی یکطرفہ عمل میں لائی جائے گی۔ آج مورخہ 17 فروری 2026 کو میرے دستخط اور مہر عدالت سے جاری کیا گیا۔
بروبرو عدالت سول جج و جوڈیشل مجسٹریٹ کراچی ساؤتھ مقدمہ بعنوان درخواست بنام ہر کہ و مہ بحوالہ سکنہ کراچی کو بذریعہ اشتہار ہذا مطلع کیا جاتا ہے کہ مورخہ 2026 کو صبح 8:30 بجے عدالت ہذا میں حاضر ہو کر جواب داخل کریں بصورت دیگر کارروائی یکطرفہ عمل میں لائی جائے گی۔ آج مورخہ 17 فروری 2026 کو میرے دستخط اور مہر عدالت سے جاری کیا گیا۔
بروبرو عدالت سول جج و جوڈیشل مجسٹریٹ کراچی ساؤتھ مقدمہ بعنوان درخواست بنام ہر کہ و مہ بحوالہ سکنہ کراچی کو بذریعہ اشتہار ہذا مطلع کیا جاتا ہے کہ مورخہ 2026 کو صبح 8:30 بجے عدالت ہذا میں حاضر ہو کر جواب داخل کریں بصورت دیگر کارروائی یکطرفہ عمل میں لائی جائے گی۔ آج مورخہ 17 فروری 2026 کو میرے دستخط اور مہر عدالت سے جاری کیا گیا۔
چیمبر 21
گلشن اقبال
بروبرو عدالت سول جج و جوڈیشل مجسٹریٹ کراچی ساؤتھ مقدمہ بعنوان درخواست بنام ہر کہ و مہ بحوالہ سکنہ کراچی کو بذریعہ اشتہار ہذا مطلع کیا جاتا ہے کہ مورخہ 2026 کو صبح 8:30 بجے عدالت ہذا میں حاضر ہو کر جواب داخل کریں بصورت دیگر کارروائی یکطرفہ عمل میں لائی جائے گی۔ آج مورخہ 17 فروری 2026 کو میرے دستخط اور مہر عدالت سے جاری کیا گیا۔
بروبرو عدالت سول جج و جوڈیشل مجسٹریٹ کراچی ساؤتھ مقدمہ بعنوان درخواست بنام ہر کہ و مہ بحوالہ سکنہ کراچی کو بذریعہ اشتہار ہذا مطلع کیا جاتا ہے کہ مورخہ 2026 کو صبح 8:30 بجے عدالت ہذا میں حاضر ہو کر جواب داخل کریں بصورت دیگر کارروائی یکطرفہ عمل میں لائی جائے گی۔ آج مورخہ 17 فروری 2026 کو میرے دستخط اور مہر عدالت سے جاری کیا گیا۔
بروبرو عدالت سول جج و جوڈیشل مجسٹریٹ کراچی ساؤتھ مقدمہ بعنوان درخواست بنام ہر کہ و مہ بحوالہ سکنہ کراچی کو بذریعہ اشتہار ہذا مطلع کیا جاتا ہے کہ مورخہ 2026 کو صبح 8:30 بجے عدالت ہذا میں حاضر ہو کر جواب داخل کریں بصورت دیگر کارروائی یکطرفہ عمل میں لائی جائے گی۔ آج مورخہ 17 فروری 2026 کو میرے دستخط اور مہر عدالت سے جاری کیا گیا۔
چیمبر 8
کورنگی
بروبرو عدالت سول جج و جوڈیشل مجسٹریٹ کراچی ساؤتھ مقدمہ بعنوان درخواست بنام ہر کہ و مہ بحوالہ سکنہ کراچی کو بذریعہ اشتہار ہذا مطلع کیا جاتا ہے کہ مورخہ 2026 کو صبح 8:30 بجے عدالت ہذا میں حاضر ہو کر جواب داخل کریں بصورت دیگر کارروائی یکطرفہ عمل میں لائی جائے گی۔ آج مورخہ 17 فروری 2026 کو میرے دستخط اور مہر عدالت سے جاری کیا گیا۔
بروبرو عدالت سول جج و جوڈیشل مجسٹریٹ کراچی ساؤتھ مقدمہ بعنوان درخواست بنام ہر کہ و مہ بحوالہ سکنہ کراچی کو بذریعہ اشتہار ہذا مطلع کیا جاتا ہے کہ مورخہ 2026 کو صبح 8:30 بجے عدالت ہذا میں حاضر ہو کر جواب داخل کریں بصورت دیگر کارروائی یکطرفہ عمل میں لائی جائے گی۔ آج مورخہ 17 فروری 2026 کو میرے دستخط اور مہر عدالت سے جاری کیا گیا۔
بروبرو عدالت سول جج و جوڈیشل مجسٹریٹ کراچی ساؤتھ مقدمہ بعنوان درخواست بنام ہر کہ و مہ بحوالہ سکنہ کراچی کو بذریعہ اشتہار ہذا مطلع کیا جاتا ہے کہ مورخہ 2026 کو صبح 8:30 بجے عدالت ہذا میں حاضر ہو کر جواب داخل کریں بصورت دیگر کارروائی یکطرفہ عمل میں لائی جائے گی۔ آج مورخہ 17 فروری 2026 کو میرے دستخط اور مہر عدالت سے جاری کیا گیا۔
چیمبر 9
شیرشاہ
بروبرو عدالت سول جج و جوڈیشل مجسٹریٹ کراچی ساؤتھ مقدمہ بعنوان درخواست بنام ہر کہ و مہ بحوالہ سکنہ کراچی کو بذریعہ اشتہار ہذا مطلع کیا جاتا ہے کہ مورخہ 2026 کو صبح 8:30 بجے عدالت ہذا میں حاضر ہو کر جواب داخل کریں بصورت دیگر کارروائی یکطرفہ عمل میں لائی جائے گی۔ آج مورخہ 17 فروری 2026 کو میرے دستخط اور مہر عدالت سے جاری کیا گیا۔
بروبرو عدالت سول جج و جوڈیشل مجسٹریٹ کراچی ساؤتھ مقدمہ بعنوان درخواست بنام ہر کہ و مہ بحوالہ سکنہ کراچی کو بذریعہ اشتہار ہذا مطلع کیا جاتا ہے کہ مورخہ 2026 کو صبح 8:30 بجے عدالت ہذا میں حاضر ہو کر جواب داخل کریں بصورت دیگر کارروائی یکطرفہ عمل میں لائی جائے گی۔ آج مورخہ 17 فروری 2026 کو میرے دستخط اور مہر عدالت سے جاری کیا گیا۔
بروبرو عدالت سول جج و جوڈیشل مجسٹریٹ کراچی ساؤتھ مقدمہ بعنوان درخواست بنام ہر کہ و مہ بحوالہ سکنہ کراچی کو بذریعہ اشتہار ہذا مطلع کیا جاتا ہے کہ مورخہ 2026 کو صبح 8:30 بجے عدالت ہذا میں حاضر ہو کر جواب داخل کریں بصورت دیگر کارروائی یکطرفہ عمل میں لائی جائے گی۔ آج مورخہ 17 فروری 2026 کو میرے دستخط اور مہر عدالت سے جاری کیا گیا۔
چیمبر 10
لانڈھی
بروبرو عدالت سول جج و جوڈیشل مجسٹریٹ کراچی ساؤتھ مقدمہ بعنوان درخواست بنام ہر کہ و مہ بحوالہ سکنہ کراچی کو بذریعہ اشتہار ہذا مطلع کیا جاتا ہے کہ مورخہ 2026 کو صبح 8:30 بجے عدالت ہذا میں حاضر ہو کر جواب داخل کریں بصورت دیگر کارروائی یکطرفہ عمل میں لائی جائے گی۔ آج مورخہ 17 فروری 2026 کو میرے دستخط اور مہر عدالت سے جاری کیا گیا۔
بروبرو عدالت سول جج و جوڈیشل مجسٹریٹ کراچی ساؤتھ مقدمہ بعنوان درخواست بنام ہر کہ و مہ بحوالہ سکنہ کراچی کو بذریعہ اشتہار ہذا مطلع کیا جاتا ہے کہ مورخہ 2026 کو صبح 8:30 بجے عدالت ہذا میں حاضر ہو کر جواب داخل کریں بصورت دیگر کارروائی یکطرفہ عمل میں لائی جائے گی۔ آج مورخہ 17 فروری 2026 کو میرے دستخط اور مہر عدالت سے جاری کیا گیا۔
بروبرو عدالت سول جج و جوڈیشل مجسٹریٹ کراچی ساؤتھ مقدمہ بعنوان درخواست بنام ہر کہ و مہ بحوالہ سکنہ کراچی کو بذریعہ اشتہار ہذا مطلع کیا جاتا ہے کہ مورخہ 2026 کو صبح 8:30 بجے عدالت ہذا میں حاضر ہو کر جواب داخل کریں بصورت دیگر کارروائی یکطرفہ عمل میں لائی جائے گی۔ آج مورخہ 17 فروری 2026 کو میرے دستخط اور مہر عدالت سے جاری کیا گیا۔
چیمبر 11
اورنگی ٹاؤن
بروبرو عدالت سول جج و جوڈیشل مجسٹریٹ کراچی ساؤتھ مقدمہ بعنوان درخواست بنام ہر کہ و مہ بحوالہ سکنہ کراچی کو بذریعہ اشتہار ہذا مطلع کیا جاتا ہے کہ مورخہ 2026 کو صبح 8:30 بجے عدالت ہذا میں حاضر ہو کر جواب داخل کریں بصورت دیگر کارروائی یکطرفہ عمل میں لائی جائے گی۔ آج مورخہ 17 فروری 2026 کو میرے دستخط اور مہر عدالت سے جاری کیا گیا۔
بروبرو عدالت سول جج و جوڈیشل مجسٹریٹ کراچی ساؤتھ مقدمہ بعنوان درخواست بنام ہر کہ و مہ بحوالہ سکنہ کراچی کو بذریعہ اشتہار ہذا مطلع کیا جاتا ہے کہ مورخہ 2026 کو صبح 8:30 بجے عدالت ہذا میں حاضر ہو کر جواب داخل کریں بصورت دیگر کارروائی یکطرفہ عمل میں لائی جائے گی۔ آج مورخہ 17 فروری 2026 کو میرے دستخط اور مہر عدالت سے جاری کیا گیا۔
بروبرو عدالت سول جج و جوڈیشل مجسٹریٹ کراچی ساؤتھ مقدمہ بعنوان درخواست بنام ہر کہ و مہ بحوالہ سکنہ کراچی کو بذریعہ اشتہار ہذا مطلع کیا جاتا ہے کہ مورخہ 2026 کو صبح 8:30 بجے عدالت ہذا میں حاضر ہو کر جواب داخل کریں بصورت دیگر کارروائی یکطرفہ عمل میں لائی جائے گی۔ آج مورخہ 17 فروری 2026 کو میرے دستخط اور مہر عدالت سے جاری کیا گیا۔
چیمبر 12
ملیر
بروبرو عدالت سول جج و جوڈیشل مجسٹریٹ کراچی ساؤتھ مقدمہ بعنوان درخواست بنام ہر کہ و مہ بحوالہ سکنہ کراچی کو بذریعہ اشتہار ہذا مطلع کیا جاتا ہے کہ مورخہ 2026 کو صبح 8:30 بجے عدالت ہذا میں حاضر ہو کر جواب داخل کریں بصورت دیگر کارروائی یکطرفہ عمل میں لائی جائے گی۔ آج مورخہ 17 فروری 2026 کو میرے دستخط اور مہر عدالت سے جاری کیا گیا۔
بروبرو عدالت سول جج و جوڈیشل مجسٹریٹ کراچی ساؤتھ مقدمہ بعنوان درخواست بنام ہر کہ و مہ بحوالہ سکنہ کراچی کو بذریعہ اشتہار ہذا مطلع کیا جاتا ہے کہ مورخہ 2026 کو صبح 8:30 بجے عدالت ہذا میں حاضر ہو کر جواب داخل کریں بصورت دیگر کارروائی یکطرفہ عمل میں لائی جائے گی۔ آج مورخہ 17 فروری 2026 کو میرے دستخط اور مہر عدالت سے جاری کیا گیا۔
بروبرو عدالت سول جج و جوڈیشل مجسٹریٹ کراچی ساؤتھ مقدمہ بعنوان درخواست بنام ہر کہ و مہ بحوالہ سکنہ کراچی کو بذریعہ اشتہار ہذا مطلع کیا جاتا ہے کہ مورخہ 2026 کو صبح 8:30 بجے عدالت ہذا میں حاضر ہو کر جواب داخل کریں بصورت دیگر کارروائی یکطرفہ عمل میں لائی جائے گی۔ آج مورخہ 17 فروری 2026 کو میرے دستخط اور مہر عدالت سے جاری کیا گیا۔
چیمبر 13
لیاری
بروبرو عدالت سول جج و جوڈیشل مجسٹریٹ کراچی ساؤتھ مقدمہ بعنوان درخواست بنام ہر کہ و مہ بحوالہ سکنہ کراچی کو بذریعہ اشتہار ہذا مطلع کیا جاتا ہے کہ مورخہ 2026 کو صبح 8:30 بجے عدالت ہذا میں حاضر ہو کر جواب داخل کریں بصورت دیگر کارروائی یکطرفہ عمل میں لائی جائے گی۔ آج مورخہ 17 فروری 2026 کو میرے دستخط اور مہر عدالت سے جاری کیا گیا۔
بروبرو عدالت سول جج و جوڈیشل مجسٹریٹ کراچی ساؤتھ مقدمہ بعنوان درخواست بنام ہر کہ و مہ بحوالہ سکنہ کراچی کو بذریعہ اشتہار ہذا مطلع کیا جاتا ہے کہ مورخہ 2026 کو صبح 8:30 بجے عدالت ہذا میں حاضر ہو کر جواب داخل کریں بصورت دیگر کارروائی یکطرفہ عمل میں لائی جائے گی۔ آج مورخہ 17 فروری 2026 کو میرے دستخط اور مہر عدالت سے جاری کیا گیا۔
بروبرو عدالت سول جج و جوڈیشل مجسٹریٹ کراچی ساؤتھ مقدمہ بعنوان درخواست بنام ہر کہ و مہ بحوالہ سکنہ کراچی کو بذریعہ اشتہار ہذا مطلع کیا جاتا ہے کہ مورخہ 2026 کو صبح 8:30 بجے عدالت ہذا میں حاضر ہو کر جواب داخل کریں بصورت دیگر کارروائی یکطرفہ عمل میں لائی جائے گی۔ آج مورخہ 17 فروری 2026 کو میرے دستخط اور مہر عدالت سے جاری کیا گیا۔
چیمبر 14
سعود آباد
بروبرو عدالت سول جج و جوڈیشل مجسٹریٹ کراچی ساؤتھ مقدمہ بعنوان درخواست بنام ہر کہ و مہ بحوالہ سکنہ کراچی کو بذریعہ اشتہار ہذا مطلع کیا جاتا ہے کہ مورخہ 2026 کو صبح 8:30 بجے عدالت ہذا میں حاضر ہو کر جواب داخل کریں بصورت دیگر کارروائی یکطرفہ عمل میں لائی جائے گی۔ آج مورخہ 17 فروری 2026 کو میرے دستخط اور مہر عدالت سے جاری کیا گیا۔
بروبرو عدالت سول جج و جوڈیشل مجسٹریٹ کراچی ساؤتھ مقدمہ بعنوان درخواست بنام ہر کہ و مہ بحوالہ سکنہ کراچی کو بذریعہ اشتہار ہذا مطلع کیا جاتا ہے کہ مورخہ 2026 کو صبح 8:30 بجے عدالت ہذا میں حاضر ہو کر جواب داخل کریں بصورت دیگر کارروائی یکطرفہ عمل میں لائی جائے گی۔ آج مورخہ 17 فروری 2026 کو میرے دستخط اور مہر عدالت سے جاری کیا گیا۔
بروبرو عدالت سول جج و جوڈیشل مجسٹریٹ کراچی ساؤتھ مقدمہ بعنوان درخواست بنام ہر کہ و مہ بحوالہ سکنہ کراچی کو بذریعہ اشتہار ہذا مطلع کیا جاتا ہے کہ مورخہ 2026 کو صبح 8:30 بجے عدالت ہذا میں حاضر ہو کر جواب داخل کریں بصورت دیگر کارروائی یکطرفہ عمل میں لائی جائے گی۔ آج مورخہ 17 فروری 2026 کو میرے دستخط اور مہر عدالت سے جاری کیا گیا۔
چیمبر 15
بن قاسم
بروبرو عدالت سول جج و جوڈیشل مجسٹریٹ کراچی ساؤتھ مقدمہ بعنوان درخواست بنام ہر کہ و مہ بحوالہ سکنہ کراچی کو بذریعہ اشتہار ہذا مطلع کیا جاتا ہے کہ مورخہ 2026 کو صبح 8:30 بجے عدالت ہذا میں حاضر ہو کر جواب داخل کریں بصورت دیگر کارروائی یکطرفہ عمل میں لائی جائے گی۔ آج مورخہ 17 فروری 2026 کو میرے دستخط اور مہر عدالت سے جاری کیا گیا۔
بروبرو عدالت سول جج و جوڈیشل مجسٹریٹ کراچی ساؤتھ مقدمہ بعنوان درخواست بنام ہر کہ و مہ بحوالہ سکنہ کراچی کو بذریعہ اشتہار ہذا مطلع کیا جاتا ہے کہ مورخہ 2026 کو صبح 8:30 بجے عدالت ہذا میں حاضر ہو کر جواب داخل کریں بصورت دیگر کارروائی یکطرفہ عمل میں لائی جائے گی۔ آج مورخہ 17 فروری 2026 کو میرے دستخط اور مہر عدالت سے جاری کیا گیا۔
بروبرو عدالت سول جج و جوڈیشل مجسٹریٹ کراچی ساؤتھ مقدمہ بعنوان درخواست بنام ہر کہ و مہ بحوالہ سکنہ کراچی کو بذریعہ اشتہار ہذا مطلع کیا جاتا ہے کہ مورخہ 2026 کو صبح 8:30 بجے عدالت ہذا میں حاضر ہو کر جواب داخل کریں بصورت دیگر کارروائی یکطرفہ عمل میں لائی جائے گی۔ آج مورخہ 17 فروری 2026 کو میرے دستخط اور مہر عدالت سے جاری کیا گیا۔
چیمبر 1
گلستان
بروبرو عدالت سول جج و جوڈیشل مجسٹریٹ کراچی ساؤتھ مقدمہ بعنوان درخواست بنام ہر کہ و مہ بحوالہ سکنہ کراچی کو بذریعہ اشتہار ہذا مطلع کیا جاتا ہے کہ مورخہ 2026 کو صبح 8:30 بجے عدالت ہذا میں حاضر ہو کر جواب داخل کریں بصورت دیگر کارروائی یکطرفہ عمل میں لائی جائے گی۔ آج مورخہ 17 فروری 2026 کو میرے دستخط اور مہر عدالت سے جاری کیا گیا۔
بروبرو عدالت سول جج و جوڈیشل مجسٹریٹ کراچی ساؤتھ مقدمہ بعنوان درخواست بنام ہر کہ و مہ بحوالہ سکنہ کراچی کو بذریعہ اشتہار ہذا مطلع کیا جاتا ہے کہ مورخہ 2026 کو صبح 8:30 بجے عدالت ہذا میں حاضر ہو کر جواب داخل کریں بصورت دیگر کارروائی یکطرفہ عمل میں لائی جائے گی۔ آج مورخہ 17 فروری 2026 کو میرے دستخط اور مہر عدالت سے جاری کیا گیا۔
بروبرو عدالت سول جج و جوڈیشل مجسٹریٹ کراچی ساؤتھ مقدمہ بعنوان درخواست بنام ہر کہ و مہ بحوالہ سکنہ کراچی کو بذریعہ اشتہار ہذا مطلع کیا جاتا ہے کہ مورخہ 2026 کو صبح 8:30 بجے عدالت ہذا میں حاضر ہو کر جواب داخل کریں بصورت دیگر کارروائی یکطرفہ عمل میں لائی جائے گی۔ آج مورخہ 17 فروری 2026 کو میرے دستخط اور مہر عدالت سے جاری کیا گیا۔
چیمبر 2
گلزار ہجری
بروبرو عدالت سول جج و جوڈیشل مجسٹریٹ کراچی ساؤتھ مقدمہ بعنوان درخواست بنام ہر کہ و مہ بحوالہ سکنہ کراچی کو بذریعہ اشتہار ہذا مطلع کیا جاتا ہے کہ مورخہ 2026 کو صبح 8:30 بجے عدالت ہذا میں حاضر ہو کر جواب داخل کریں بصورت دیگر کارروائی یکطرفہ عمل میں لائی جائے گی۔ آج مورخہ 17 فروری 2026 کو میرے دستخط اور مہر عدالت سے جاری کیا گیا۔
بروبرو عدالت سول جج و جوڈیشل مجسٹریٹ کراچی ساؤتھ مقدمہ بعنوان درخواست بنام ہر کہ و مہ بحوالہ سکنہ کراچی کو بذریعہ اشتہار ہذا مطلع کیا جاتا ہے کہ مورخہ 2026 کو صبح 8:30 بجے عدالت ہذا میں حاضر ہو کر جواب داخل کریں بصورت دیگر کارروائی یکطرفہ عمل میں لائی جائے گی۔ آج مورخہ 17 فروری 2026 کو میرے دستخط اور مہر عدالت سے جاری کیا گیا۔
بروبرو عدالت سول جج و جوڈیشل مجسٹریٹ کراچی ساؤتھ مقدمہ بعنوان درخواست بنام ہر کہ و مہ بحوالہ سکنہ کراچی کو بذریعہ اشتہار ہذا مطلع کیا جاتا ہے کہ مورخہ 2026 کو صبح 8:30 بجے عدالت ہذا میں حاضر ہو کر جواب داخل کریں بصورت دیگر کارروائی یکطرفہ عمل میں لائی جائے گی۔ آج مورخہ 17 فروری 2026 کو میرے دستخط اور مہر عدالت سے جاری کیا گیا۔
چیمبر 3
سرجانی ٹاؤن
بروبرو عدالت سول جج و جوڈیشل مجسٹریٹ کراچی ساؤتھ مقدمہ بعنوان درخواست بنام ہر کہ و مہ بحوالہ سکنہ کراچی کو بذریعہ اشتہار ہذا مطلع کیا جاتا ہے کہ مورخہ 2026 کو صبح 8:30 بجے عدالت ہذا میں حاضر ہو کر جواب داخل کریں بصورت دیگر کارروائی یکطرفہ عمل میں لائی جائے گی۔ آج مورخہ 17 فروری 2026 کو میرے دستخط اور مہر عدالت سے جاری کیا گیا۔
بروبرو عدالت سول جج و جوڈیشل مجسٹریٹ کراچی ساؤتھ مقدمہ بعنوان درخواست بنام ہر کہ و مہ بحوالہ سکنہ کراچی کو بذریعہ اشتہار ہذا مطلع کیا جاتا ہے کہ مورخہ 2026 کو صبح 8:30 بجے عدالت ہذا میں حاضر ہو کر جواب داخل کریں بصورت دیگر کارروائی یکطرفہ عمل میں لائی جائے گی۔ آج مورخہ 17 فروری 2026 کو میرے دستخط اور مہر عدالت سے جاری کیا گیا۔
بروبرو عدالت سول جج و جوڈیشل مجسٹریٹ کراچی ساؤتھ مقدمہ بعنوان درخواست بنام ہر کہ و مہ بحوالہ سکنہ کراچی کو بذریعہ اشتہار ہذا مطلع کیا جاتا ہے کہ مورخہ 2026 کو صبح 8:30 بجے عدالت ہذا میں حاضر ہو کر جواب داخل کریں بصورت دیگر کارروائی یکطرفہ عمل میں لائی جائے گی۔ آج مورخہ 17 فروری 2026 کو میرے دستخط اور مہر عدالت سے جاری کیا گیا۔
چیمبر 4
ابراہیم حیدری
بروبرو عدالت سول جج و جوڈیشل مجسٹریٹ کراچی ساؤتھ مقدمہ بعنوان درخواست بنام ہر کہ و مہ بحوالہ سکنہ کراچی کو بذریعہ اشتہار ہذا مطلع کیا جاتا ہے کہ مورخہ 2026 کو صبح 8:30 بجے عدالت ہذا میں حاضر ہو کر جواب داخل کریں بصورت دیگر کارروائی یکطرفہ عمل میں لائی جائے گی۔ آج مورخہ 17 فروری 2026 کو میرے دستخط اور مہر عدالت سے جاری کیا گیا۔
بروبرو عدالت سول جج و جوڈیشل مجسٹریٹ کراچی ساؤتھ مقدمہ بعنوان درخواست بنام ہر کہ و مہ بحوالہ سکنہ کراچی کو بذریعہ اشتہار ہذا مطلع کیا جاتا ہے کہ مورخہ 2026 کو صبح 8:30 بجے عدالت ہذا میں حاضر ہو کر جواب داخل کریں بصورت دیگر کارروائی یکطرفہ عمل میں لائی جائے گی۔ آج مورخہ 17 فروری 2026 کو میرے دستخط اور مہر عدالت سے جاری کیا گیا۔
بروبرو عدالت سول جج و جوڈیشل مجسٹریٹ کراچی ساؤتھ مقدمہ بعنوان درخواست بنام ہر کہ و مہ بحوالہ سکنہ کراچی کو بذریعہ اشتہار ہذا مطلع کیا جاتا ہے کہ مورخہ 2026 کو صبح 8:30 بجے عدالت ہذا میں حاضر ہو کر جواب داخل کریں بصورت دیگر کارروائی یکطرفہ عمل میں لائی جائے گی۔ آج مورخہ 17 فروری 2026 کو میرے دستخط اور مہر عدالت سے جاری کیا گیا۔
چیمبر 5
مائی کولاچی
بروبرو عدالت سول جج و جوڈیشل مجسٹریٹ کراچی ساؤتھ مقدمہ بعنوان درخواست بنام ہر کہ و مہ بحوالہ سکنہ کراچی کو بذریعہ اشتہار ہذا مطلع کیا جاتا ہے کہ مورخہ 2026 کو صبح 8:30 بجے عدالت ہذا میں حاضر ہو کر جواب داخل کریں بصورت دیگر کارروائی یکطرفہ عمل میں لائی جائے گی۔ آج مورخہ 17 فروری 2026 کو میرے دستخط اور مہر عدالت سے جاری کیا گیا۔
بروبرو عدالت سول جج و جوڈیشل مجسٹریٹ کراچی ساؤتھ مقدمہ بعنوان درخواست بنام ہر کہ و مہ بحوالہ سکنہ کراچی کو بذریعہ اشتہار ہذا مطلع کیا جاتا ہے کہ مورخہ 2026 کو صبح 8:30 بجے عدالت ہذا میں حاضر ہو کر جواب داخل کریں بصورت دیگر کارروائی یکطرفہ عمل میں لائی جائے گی۔ آج مورخہ 17 فروری 2026 کو میرے دستخط اور مہر عدالت سے جاری کیا گیا۔
بروبرو عدالت سول جج و جوڈیشل مجسٹریٹ کراچی ساؤتھ مقدمہ بعنوان درخواست بنام ہر کہ و مہ بحوالہ سکنہ کراچی کو بذریعہ اشتہار ہذا مطلع کیا جاتا ہے کہ مورخہ 2026 کو صبح 8:30 بجے عدالت ہذا میں حاضر ہو کر جواب داخل کریں بصورت دیگر کارروائی یکطرفہ عمل میں لائی جائے گی۔ آج مورخہ 17 فروری 2026 کو میرے دستخط اور مہر عدالت سے جاری کیا گیا۔
چیمبر 6
رحمانیہ
بروبرو عدالت سول جج و جوڈیشل مجسٹریٹ کراچی ساؤتھ مقدمہ بعنوان درخواست بنام ہر کہ و مہ بحوالہ سکنہ کراچی کو بذریعہ اشتہار ہذا مطلع کیا جاتا ہے کہ مورخہ 2026 کو صبح 8:30 بجے عدالت ہذا میں حاضر ہو کر جواب داخل کریں بصورت دیگر کارروائی یکطرفہ عمل میں لائی جائے گی۔ آج مورخہ 17 فروری 2026 کو میرے دستخط اور مہر عدالت سے جاری کیا گیا۔
بروبرو عدالت سول جج و جوڈیشل مجسٹریٹ کراچی ساؤتھ مقدمہ بعنوان درخواست بنام ہر کہ و مہ بحوالہ سکنہ کراچی کو بذریعہ اشتہار ہذا مطلع کیا جاتا ہے کہ مورخہ 2026 کو صبح 8:30 بجے عدالت ہذا میں حاضر ہو کر جواب داخل کریں بصورت دیگر کارروائی یکطرفہ عمل میں لائی جائے گی۔ آج مورخہ 17 فروری 2026 کو میرے دستخط اور مہر عدالت سے جاری کیا گیا۔
بروبرو عدالت سول جج و جوڈیشل مجسٹریٹ کراچی ساؤتھ مقدمہ بعنوان درخواست بنام ہر کہ و مہ بحوالہ سکنہ کراچی کو بذریعہ اشتہار ہذا مطلع کیا جاتا ہے کہ مورخہ 2026 کو صبح 8:30 بجے عدالت ہذا میں حاضر ہو کر جواب داخل کریں بصورت دیگر کارروائی یکطرفہ عمل میں لائی جائے گی۔ آج مورخہ 17 فروری 2026 کو میرے دستخط اور مہر عدالت سے جاری کیا گیا۔
چیمبر 7
اسٹیل ٹاؤن
بروبرو عدالت سول جج و جوڈیشل مجسٹریٹ کراچی ساؤتھ مقدمہ بعنوان درخواست بنام ہر کہ و مہ بحوالہ سکنہ کراچی کو بذریعہ اشتہار ہذا مطلع کیا جاتا ہے کہ مورخہ 2026 کو صبح 8:30 بجے عدالت ہذا میں حاضر ہو کر جواب داخل کریں بصورت دیگر کارروائی یکطرفہ عمل میں لائی جائے گی۔ آج مورخہ 17 فروری 2026 کو میرے دستخط اور مہر عدالت سے جاری کیا گیا۔
بروبرو عدالت سول جج و جوڈیشل مجسٹریٹ کراچی ساؤتھ مقدمہ بعنوان درخواست بنام ہر کہ و مہ بحوالہ سکنہ کراچی کو بذریعہ اشتہار ہذا مطلع کیا جاتا ہے کہ مورخہ 2026 کو صبح 8:30 بجے عدالت ہذا میں حاضر ہو کر جواب داخل کریں بصورت دیگر کارروائی یکطرفہ عمل میں لائی جائے گی۔ آج مورخہ 17 فروری 2026 کو میرے دستخط اور مہر عدالت سے جاری کیا گیا۔
بروبرو عدالت سول جج و جوڈیشل مجسٹریٹ کراچی ساؤتھ مقدمہ بعنوان درخواست بنام ہر کہ و مہ بحوالہ سکنہ کراچی کو بذریعہ اشتہار ہذا مطلع کیا جاتا ہے کہ مورخہ 2026 کو صبح 8:30 بجے عدالت ہذا میں حاضر ہو کر جواب داخل کریں بصورت دیگر کارروائی یکطرفہ عمل میں لائی جائے گی۔ آج مورخہ 17 فروری 2026 کو میرے دستخط اور مہر عدالت سے جاری کیا گیا۔
